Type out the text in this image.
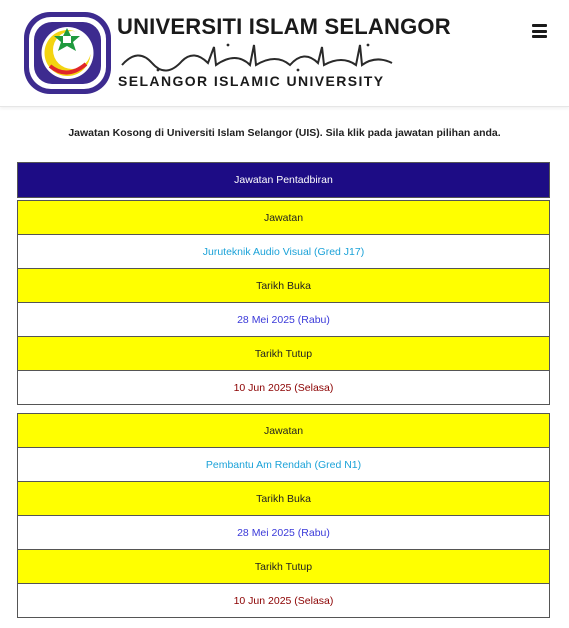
UNIVERSITI ISLAM SELANGOR
SELANGOR ISLAMIC UNIVERSITY
Jawatan Kosong di Universiti Islam Selangor (UIS). Sila klik pada jawatan pilihan anda.
Jawatan Pentadbiran

Jawatan
Juruteknik Audio Visual (Gred J17)
Tarikh Buka
28 Mei 2025 (Rabu)
Tarikh Tutup
10 Jun 2025 (Selasa)
Jawatan
Pembantu Am Rendah (Gred N1)
Tarikh Buka
28 Mei 2025 (Rabu)
Tarikh Tutup
10 Jun 2025 (Selasa)
